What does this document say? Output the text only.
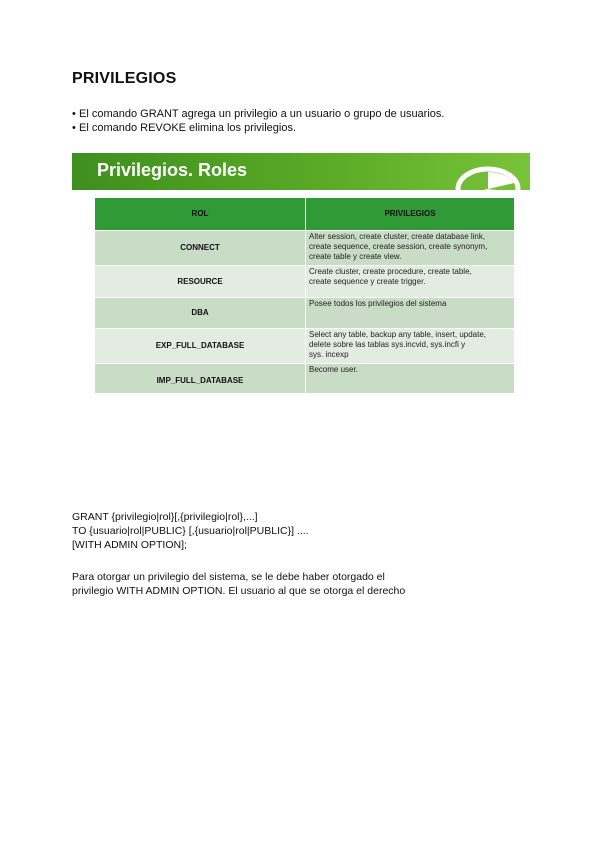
PRIVILEGIOS
• El comando GRANT agrega un privilegio a un usuario o grupo de usuarios.
• El comando REVOKE elimina los privilegios.
Privilegios. Roles
ROL	PRIVILEGIOS
CONNECT	Alter session, create cluster, create database link,
create sequence, create session, create synonym,
create table y create view.

RESOURCE	Create cluster, create procedure, create table,
create sequence y create trigger.

DBA	Posee todos los privilegios del sistema

EXP_FULL_DATABASE	Select any table, backup any table, insert, update,
delete sobre las tablas sys.incvid, sys.incfi y
sys. incexp

IMP_FULL_DATABASE	Become user.
GRANT {privilegio|rol}[,{privilegio|rol},...]
TO {usuario|rol|PUBLIC} [,{usuario|rol|PUBLIC}] ....
[WITH ADMIN OPTION];
Para otorgar un privilegio del sistema, se le debe haber otorgado el
privilegio WITH ADMIN OPTION. El usuario al que se otorga el derecho
